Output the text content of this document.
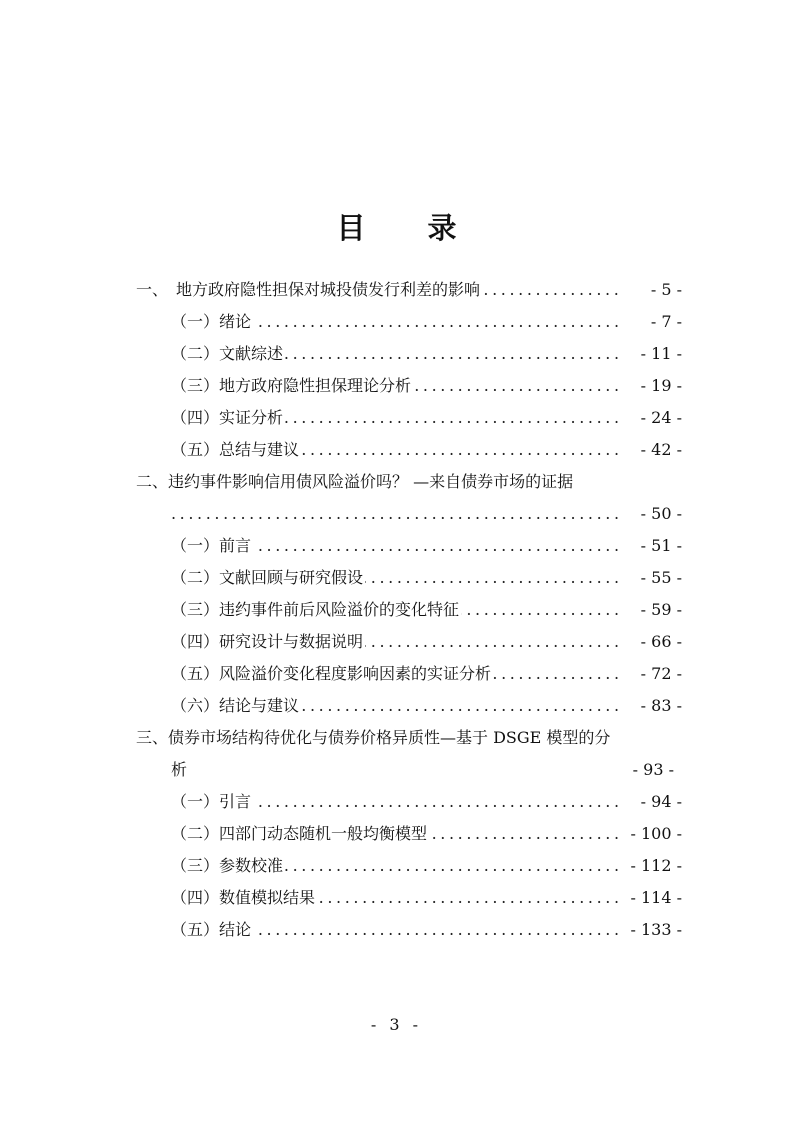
目 录
.....
一、　地方政府隐性担保对城投债发行利差的影响	- 5 -
.....
（一）绪论	- 7 -
.....
（二）文献综述	- 11 -
.....
（三）地方政府隐性担保理论分析	- 19 -
.....
（四）实证分析	- 24 -
.....
（五）总结与建议	- 42 -
二、违约事件影响信用债风险溢价吗？ —来自债券市场的证据
.....
- 50 -
.....
（一）前言	- 51 -
.....
（二）文献回顾与研究假设	- 55 -
.....
（三）违约事件前后风险溢价的变化特征	- 59 -
.....
（四）研究设计与数据说明	- 66 -
.....
（五）风险溢价变化程度影响因素的实证分析	- 72 -
.....
（六）结论与建议	- 83 -
三、债券市场结构待优化与债券价格异质性—基于 DSGE 模型的分
析	- 93 -
.....
（一）引言	- 94 -
.....
（二）四部门动态随机一般均衡模型	- 100 -
.....
（三）参数校准	- 112 -
.....
（四）数值模拟结果	- 114 -
.....
（五）结论	- 133 -
- 3 -
